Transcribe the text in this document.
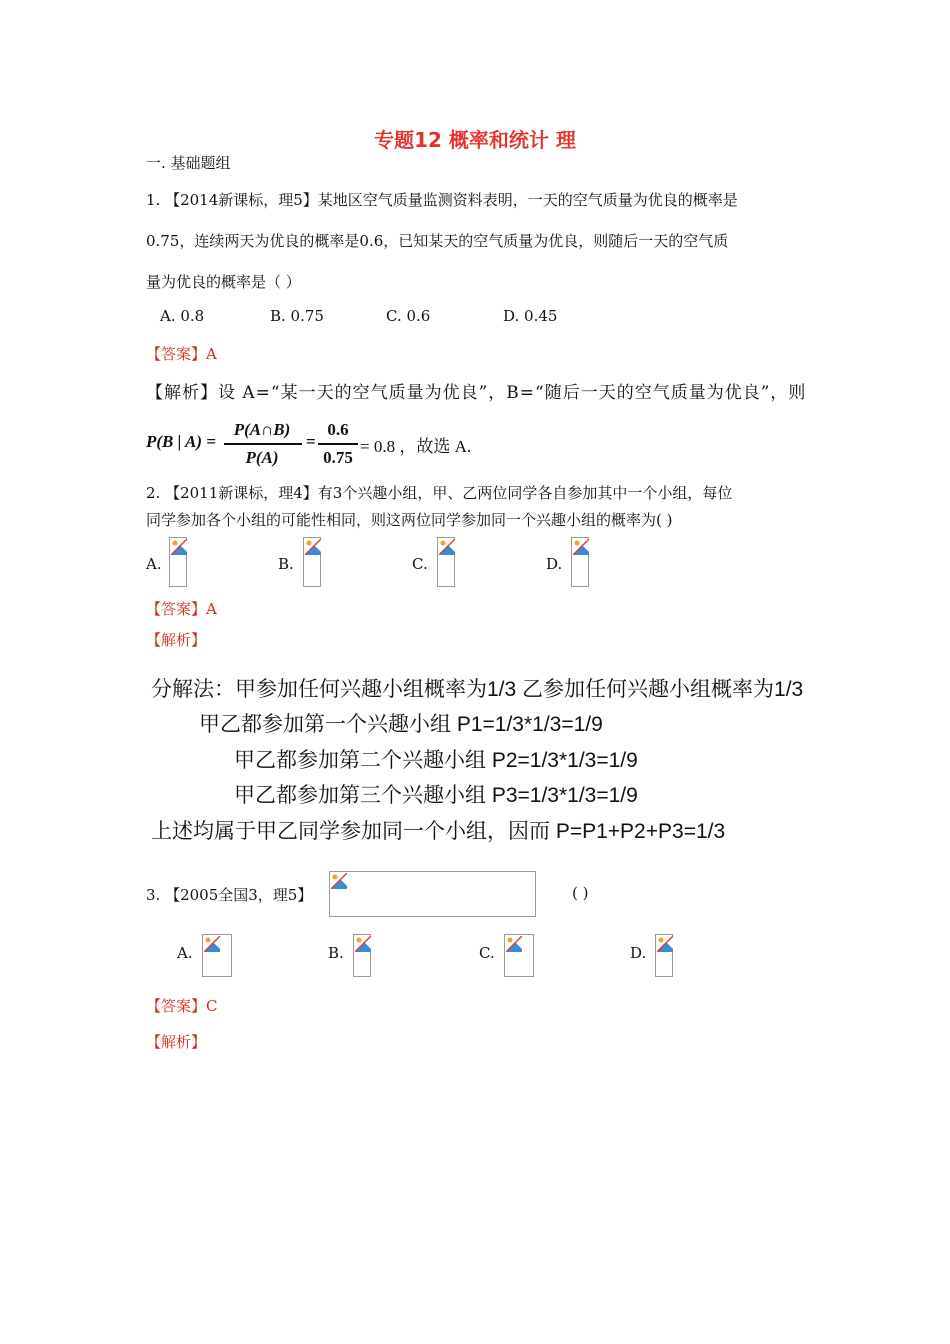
专题12 概率和统计 理
一. 基础题组
1. 【2014新课标，理5】某地区空气质量监测资料表明，一天的空气质量为优良的概率是
0.75，连续两天为优良的概率是0.6，已知某天的空气质量为优良，则随后一天的空气质
量为优良的概率是（ ）
A. 0.8	B. 0.75	C. 0.6	D. 0.45
【答案】A
【解析】设 A=“某一天的空气质量为优良”，B=“随后一天的空气质量为优良”，则
P(B | A) =
P(A∩B)
P(A)
=
0.6
0.75
= 0.8 ，故选 A.
2. 【2011新课标，理4】有3个兴趣小组，甲、乙两位同学各自参加其中一个小组，每位
同学参加各个小组的可能性相同，则这两位同学参加同一个兴趣小组的概率为( )
A.	B.	C.	D.
【答案】A
【解析】
分解法：甲参加任何兴趣小组概率为1/3 乙参加任何兴趣小组概率为1/3
甲乙都参加第一个兴趣小组 P1=1/3*1/3=1/9
甲乙都参加第二个兴趣小组 P2=1/3*1/3=1/9
甲乙都参加第三个兴趣小组 P3=1/3*1/3=1/9
上述均属于甲乙同学参加同一个小组，因而 P=P1+P2+P3=1/3
3. 【2005全国3，理5】	( )
A.	B.	C.	D.
【答案】C
【解析】
